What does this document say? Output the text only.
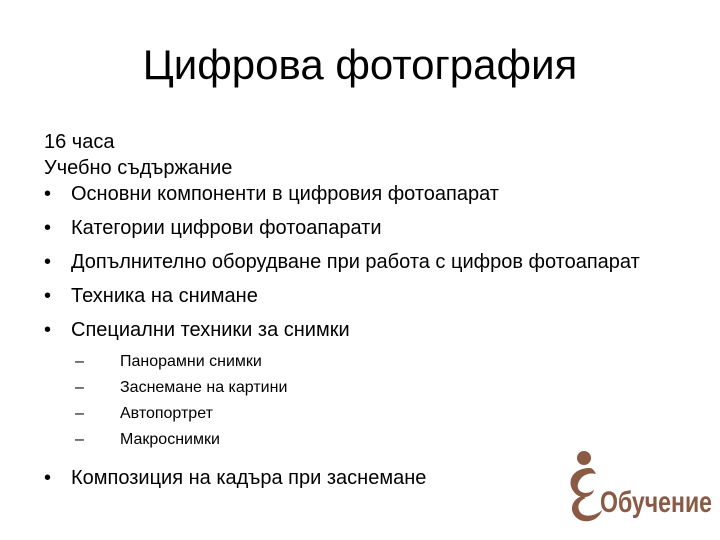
Цифрова фотография

16 часа

Учебно съдържание

• Основни компоненти в цифровия фотоапарат
• Категории цифрови фотоапарати
• Допълнително оборудване при работа с цифров фотоапарат
• Техника на снимане
• Специални техники за снимки
– Панорамни снимки
– Заснемане на картини
– Автопортрет
– Макроснимки
• Композиция на кадъра при заснемане
Обучение
